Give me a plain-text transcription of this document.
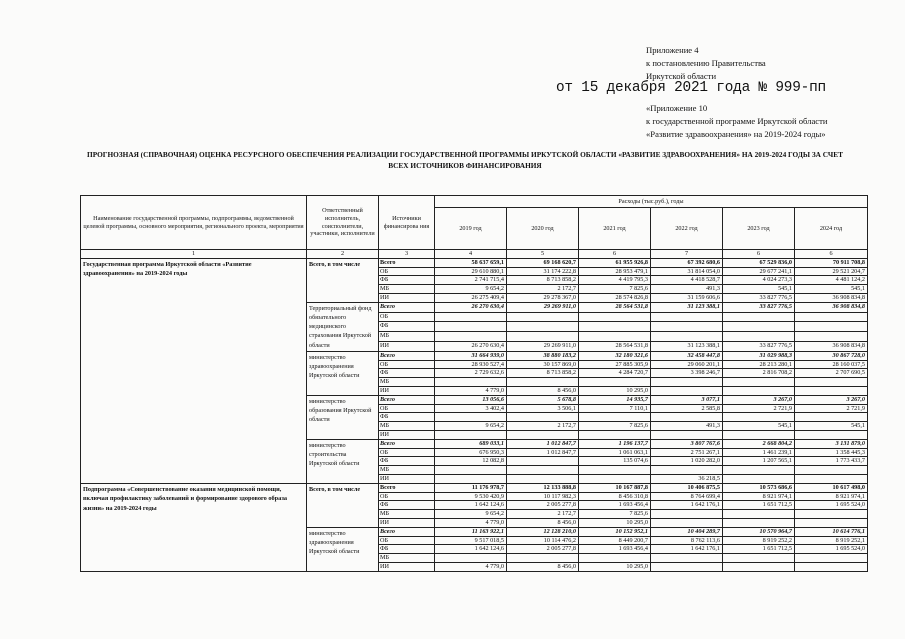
Приложение 4
к постановлению Правительства
Иркутской области
от 15 декабря 2021 года № 999-пп
«Приложение 10
к государственной программе Иркутской области
«Развитие здравоохранения» на 2019-2024 годы»
ПРОГНОЗНАЯ (СПРАВОЧНАЯ) ОЦЕНКА РЕСУРСНОГО ОБЕСПЕЧЕНИЯ РЕАЛИЗАЦИИ ГОСУДАРСТВЕННОЙ ПРОГРАММЫ ИРКУТСКОЙ ОБЛАСТИ «РАЗВИТИЕ ЗДРАВООХРАНЕНИЯ» НА 2019-2024 ГОДЫ ЗА СЧЕТ ВСЕХ ИСТОЧНИКОВ ФИНАНСИРОВАНИЯ
Наименование государственной программы, подпрограммы, ведомственной целевой программы, основного мероприятия, регионального проекта, мероприятия	Ответственный исполнитель, соисполнители, участники, исполнители	Источники финансирова ния	Расходы (тыс.руб.), годы					
			2019 год	2020 год	2021 год	2022 год	2023 год	2024 год
1	2	3	4	5	6	7	6	6
Государственная программа Иркутской области «Развитие здравоохранения» на 2019-2024 годы	Всего, в том числе	Всего	58 637 659,1	69 168 620,7	61 955 926,8	67 392 680,6	67 529 836,0	70 911 708,8
		ОБ	29 610 880,1	31 174 222,8	28 953 479,1	31 814 054,0	29 677 241,1	29 521 204,7
		ФБ	2 741 715,4	8 713 858,2	4 419 795,3	4 418 528,7	4 024 273,3	4 481 124,2
		МБ	9 654,2	2 172,7	7 825,6	491,3	545,1	545,1
		ИИ	26 275 409,4	29 278 367,0	28 574 826,8	31 159 606,6	33 827 776,5	36 908 834,8
	Территориальный фонд обязательного медицинского страхования Иркутской области	Всего	26 270 630,4	29 269 911,0	28 564 531,8	31 123 388,1	33 827 776,5	36 908 834,8
		ОБ						
		ФБ						
		МБ						
		ИИ	26 270 630,4	29 269 911,0	28 564 531,8	31 123 388,1	33 827 776,5	36 908 834,8
	министерство здравоохранения Иркутской области	Всего	31 664 939,0	38 880 183,2	32 180 321,6	32 458 447,8	31 029 988,3	30 867 728,0
		ОБ	28 930 527,4	30 157 869,0	27 885 305,9	29 060 201,1	28 213 280,1	28 160 037,5
		ФБ	2 729 632,6	8 713 858,2	4 284 720,7	3 398 246,7	2 816 708,2	2 707 690,5
		МБ						
		ИИ	4 779,0	8 456,0	10 295,0			
	министерство образования Иркутской области	Всего	13 056,6	5 678,8	14 935,7	3 077,1	3 267,0	3 267,0
		ОБ	3 402,4	3 506,1	7 110,1	2 585,8	2 721,9	2 721,9
		ФБ						
		МБ	9 654,2	2 172,7	7 825,6	491,3	545,1	545,1
		ИИ						
	министерство строительства Иркутской области	Всего	689 033,1	1 012 847,7	1 196 137,7	3 807 767,6	2 668 804,2	3 131 879,0
		ОБ	676 950,3	1 012 847,7	1 061 063,1	2 751 267,1	1 461 239,1	1 358 445,3
		ФБ	12 082,8		135 074,6	1 020 282,0	1 207 565,1	1 773 433,7
		МБ						
		ИИ				36 218,5		
Подпрограмма «Совершенствование оказания медицинской помощи, включая профилактику заболеваний и формирование здорового образа жизни» на 2019-2024 годы	Всего, в том числе	Всего	11 176 978,7	12 133 888,8	10 167 887,8	10 406 875,5	10 573 686,6	10 617 498,0
		ОБ	9 530 420,9	10 117 982,3	8 456 310,8	8 764 699,4	8 921 974,1	8 921 974,1
		ФБ	1 642 124,6	2 005 277,8	1 693 456,4	1 642 176,1	1 651 712,5	1 695 524,0
		МБ	9 654,2	2 172,7	7 825,6			
		ИИ	4 779,0	8 456,0	10 295,0			
	министерство здравоохранения Иркутской области	Всего	11 163 922,1	12 128 210,0	10 152 952,1	10 404 289,7	10 570 964,7	10 614 776,1
		ОБ	9 517 018,5	10 114 476,2	8 449 200,7	8 762 113,6	8 919 252,2	8 919 252,1
		ФБ	1 642 124,6	2 005 277,8	1 693 456,4	1 642 176,1	1 651 712,5	1 695 524,0
		МБ						
		ИИ	4 779,0	8 456,0	10 295,0			
